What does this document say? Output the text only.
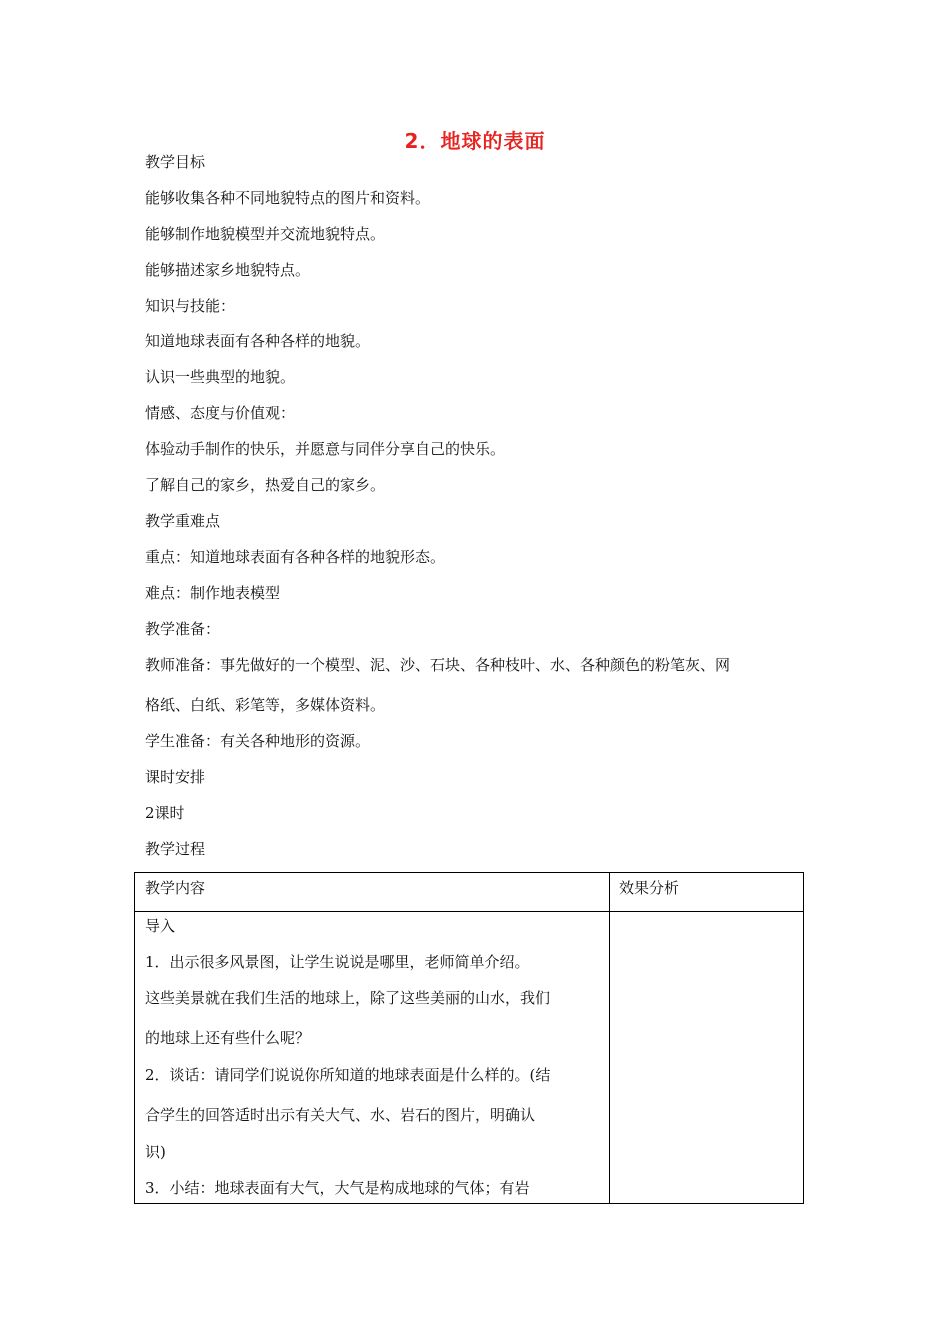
2．地球的表面
教学目标
能够收集各种不同地貌特点的图片和资料。
能够制作地貌模型并交流地貌特点。
能够描述家乡地貌特点。
知识与技能：
知道地球表面有各种各样的地貌。
认识一些典型的地貌。
情感、态度与价值观：
体验动手制作的快乐，并愿意与同伴分享自己的快乐。
了解自己的家乡，热爱自己的家乡。
教学重难点
重点：知道地球表面有各种各样的地貌形态。
难点：制作地表模型
教学准备：
教师准备：事先做好的一个模型、泥、沙、石块、各种枝叶、水、各种颜色的粉笔灰、网
格纸、白纸、彩笔等，多媒体资料。
学生准备：有关各种地形的资源。
课时安排
2课时
教学过程
教学内容	效果分析
导入
1．出示很多风景图，让学生说说是哪里，老师简单介绍。
这些美景就在我们生活的地球上，除了这些美丽的山水，我们
的地球上还有些什么呢？
2．谈话：请同学们说说你所知道的地球表面是什么样的。(结
合学生的回答适时出示有关大气、水、岩石的图片，明确认
识)
3．小结：地球表面有大气，大气是构成地球的气体；有岩
